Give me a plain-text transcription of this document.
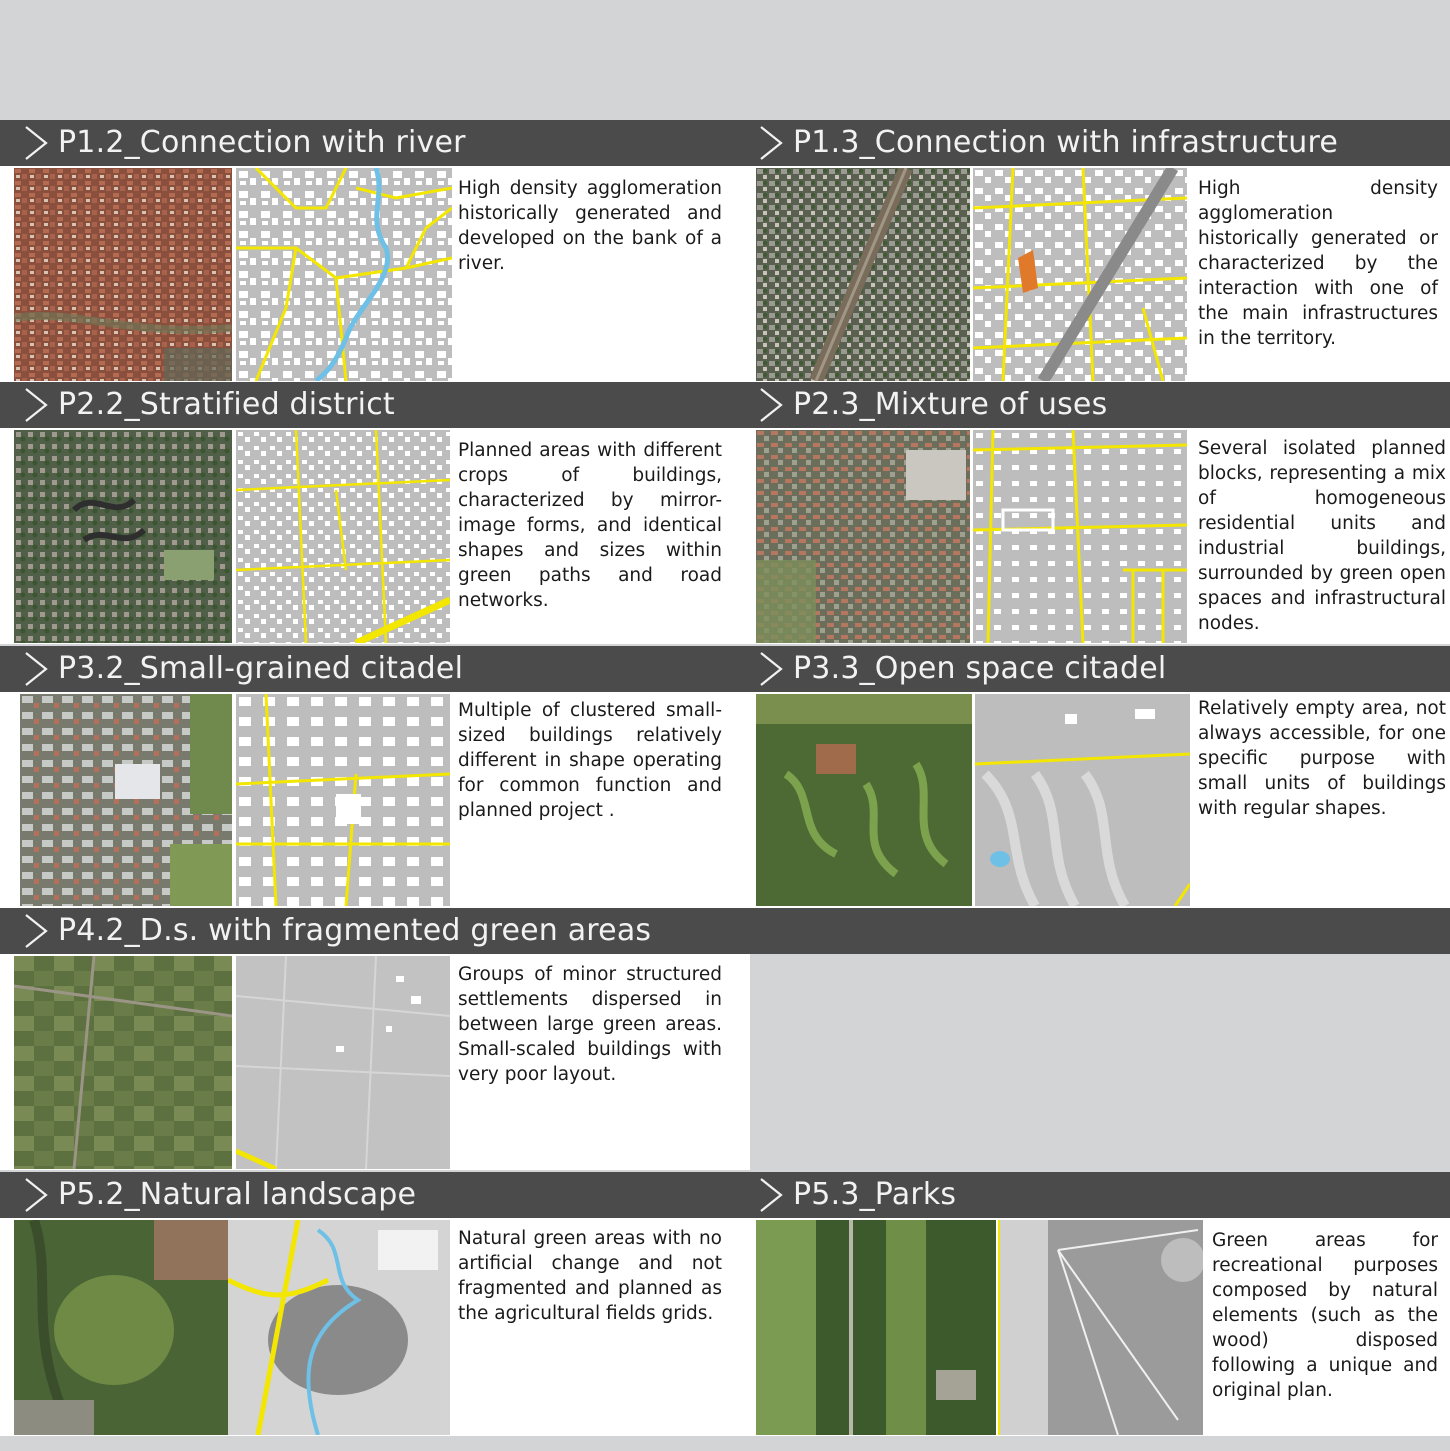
P1.2_Connection with river	P1.3_Connection with infrastructure
High density agglomeration historically generated and developed on the bank of a river.
High density agglomeration historically generated or characterized by the interaction with one of the main infrastructures in the territory.
P2.2_Stratified district	P2.3_Mixture of uses
Planned areas with different crops of buildings, characterized by mirror-image forms, and identical shapes and sizes within green paths and road networks.
Several isolated planned blocks, representing a mix of homogeneous residential units and industrial buildings, surrounded by green open spaces and infrastructural nodes.
P3.2_Small-grained citadel	P3.3_Open space citadel
Multiple of clustered small-sized buildings relatively different in shape operating for common function and planned project .
Relatively empty area, not always accessible, for one specific purpose with small units of buildings with regular shapes.
P4.2_D.s. with fragmented green areas
Groups of minor structured settlements dispersed in between large green areas. Small-scaled buildings with very poor layout.
P5.2_Natural landscape	P5.3_Parks
Natural green areas with no artificial change and not fragmented and planned as the agricultural fields grids.
Green areas for recreational purposes composed by natural elements (such as the wood) disposed following a unique and original plan.
